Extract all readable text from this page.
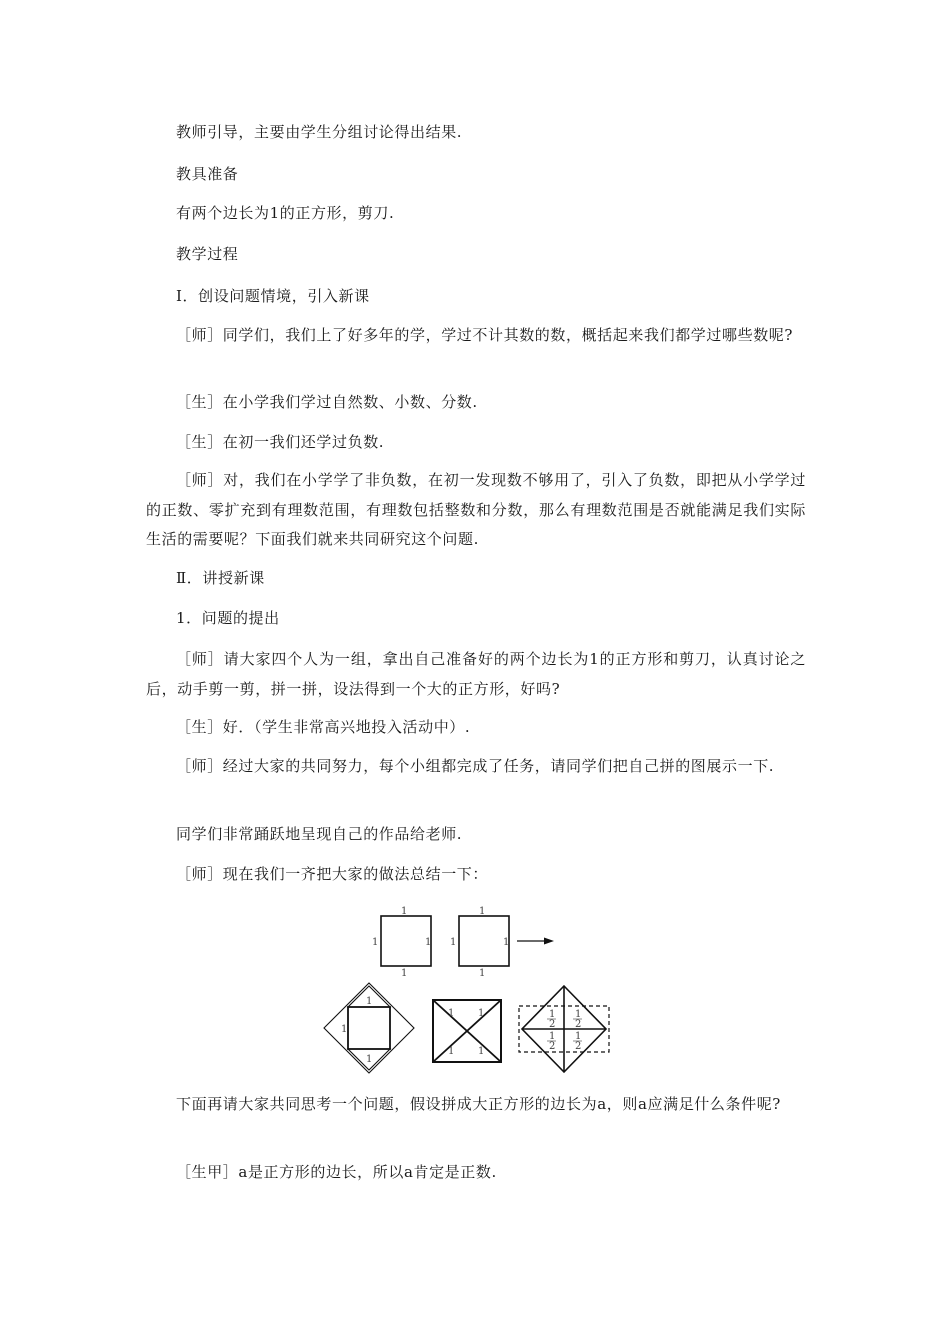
教师引导，主要由学生分组讨论得出结果.

教具准备

有两个边长为1的正方形，剪刀.

教学过程

Ⅰ．创设问题情境，引入新课

［师］同学们，我们上了好多年的学，学过不计其数的数，概括起来我们都学过哪些数呢?

［生］在小学我们学过自然数、小数、分数.

［生］在初一我们还学过负数.

［师］对，我们在小学学了非负数，在初一发现数不够用了，引入了负数，即把从小学学过的正数、零扩充到有理数范围，有理数包括整数和分数，那么有理数范围是否就能满足我们实际生活的需要呢？下面我们就来共同研究这个问题.

Ⅱ．讲授新课

1．问题的提出

［师］请大家四个人为一组，拿出自己准备好的两个边长为1的正方形和剪刀，认真讨论之后，动手剪一剪，拼一拼，设法得到一个大的正方形，好吗?

［生］好．（学生非常高兴地投入活动中）.

［师］经过大家的共同努力，每个小组都完成了任务，请同学们把自己拼的图展示一下.

同学们非常踊跃地呈现自己的作品给老师.

［师］现在我们一齐把大家的做法总结一下：

1
1	1
1
1
1	1
1
1
1
1
1 1
1 1
1
2
1
2
1
2
1
2

下面再请大家共同思考一个问题，假设拼成大正方形的边长为a，则a应满足什么条件呢?

［生甲］a是正方形的边长，所以a肯定是正数.
